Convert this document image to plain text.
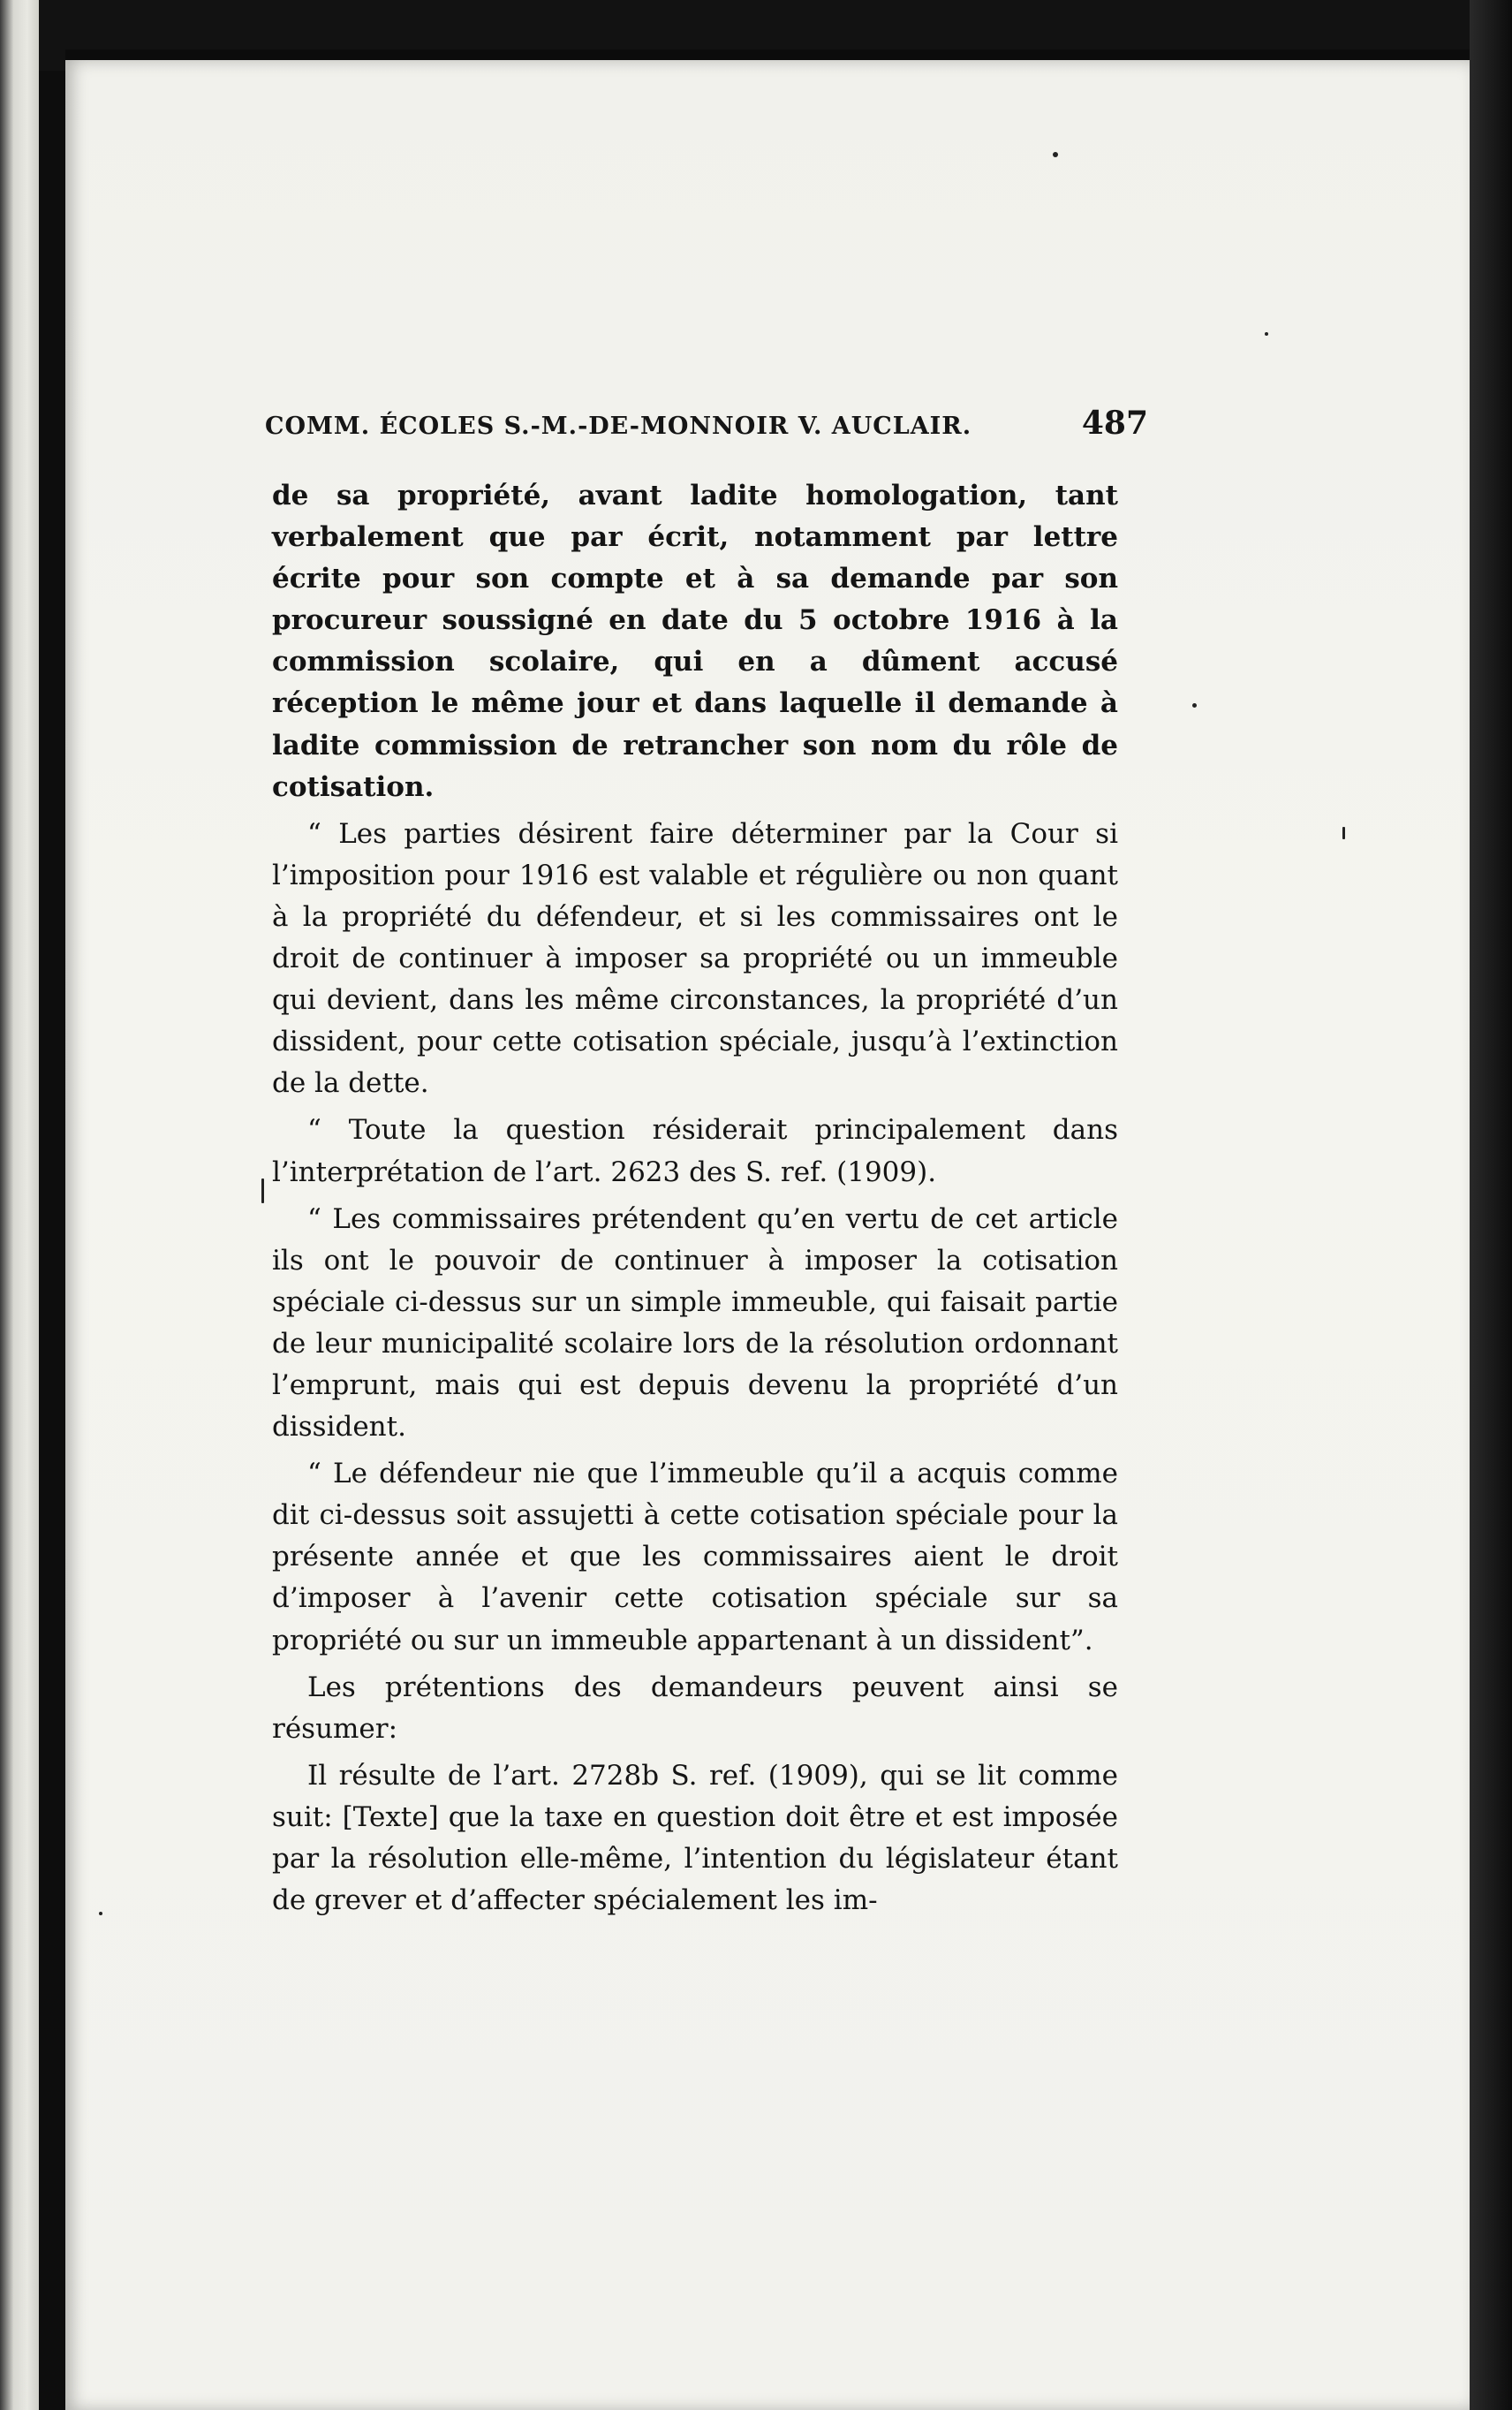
COMM. ÉCOLES S.-M.-DE-MONNOIR V. AUCLAIR.	487

de sa propriété, avant ladite homologation, tant verbalement que par écrit, notamment par lettre écrite pour son compte et à sa demande par son procureur soussigné en date du 5 octobre 1916 à la commission scolaire, qui en a dûment accusé réception le même jour et dans laquelle il demande à ladite commission de retrancher son nom du rôle de cotisation.

“ Les parties désirent faire déterminer par la Cour si l’imposition pour 1916 est valable et régulière ou non quant à la propriété du défendeur, et si les commissaires ont le droit de continuer à imposer sa propriété ou un immeuble qui devient, dans les même circonstances, la propriété d’un dissident, pour cette cotisation spéciale, jusqu’à l’extinction de la dette.

“ Toute la question résiderait principalement dans l’interprétation de l’art. 2623 des S. ref. (1909).

“ Les commissaires prétendent qu’en vertu de cet article ils ont le pouvoir de continuer à imposer la cotisation spéciale ci-dessus sur un simple immeuble, qui faisait partie de leur municipalité scolaire lors de la résolution ordonnant l’emprunt, mais qui est depuis devenu la propriété d’un dissident.

“ Le défendeur nie que l’immeuble qu’il a acquis comme dit ci-dessus soit assujetti à cette cotisation spéciale pour la présente année et que les commissaires aient le droit d’imposer à l’avenir cette cotisation spéciale sur sa propriété ou sur un immeuble appartenant à un dissident”.

Les prétentions des demandeurs peuvent ainsi se résumer:

Il résulte de l’art. 2728b S. ref. (1909), qui se lit comme suit: [Texte] que la taxe en question doit être et est imposée par la résolution elle-même, l’intention du législateur étant de grever et d’affecter spécialement les im-
